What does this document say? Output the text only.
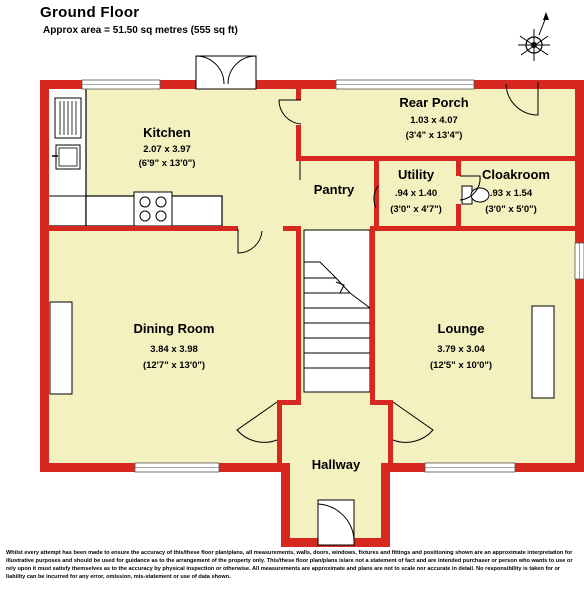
Ground Floor
Approx area = 51.50 sq metres (555 sq ft)
Kitchen
2.07 x 3.97
(6'9" x 13'0")
Rear Porch
1.03 x 4.07
(3'4" x 13'4")
Pantry
Utility
.94 x 1.40
(3'0" x 4'7")
Cloakroom
.93 x 1.54
(3'0" x 5'0")
Dining Room
3.84 x 3.98
(12'7" x 13'0")
Lounge
3.79 x 3.04
(12'5" x 10'0")
Hallway
Whilst every attempt has been made to ensure the accuracy of this/these floor plan/plans, all measurements, walls, doors, windows, fixtures and fittings and positioning shown are an approximate interpretation for illustrative purposes and should be used for guidance as to the arrangement of the property only. This/these floor plan/plans is/are not a statement of fact and are intended purchaser or person who wants to use or rely upon it must satisfy themselves as to the accuracy by physical inspection or otherwise. All measurements are approximate and plans are not to scale nor accurate in detail. No responsibility is taken for or liability can be incurred for any error, omission, mis-statement or use of data shown.
